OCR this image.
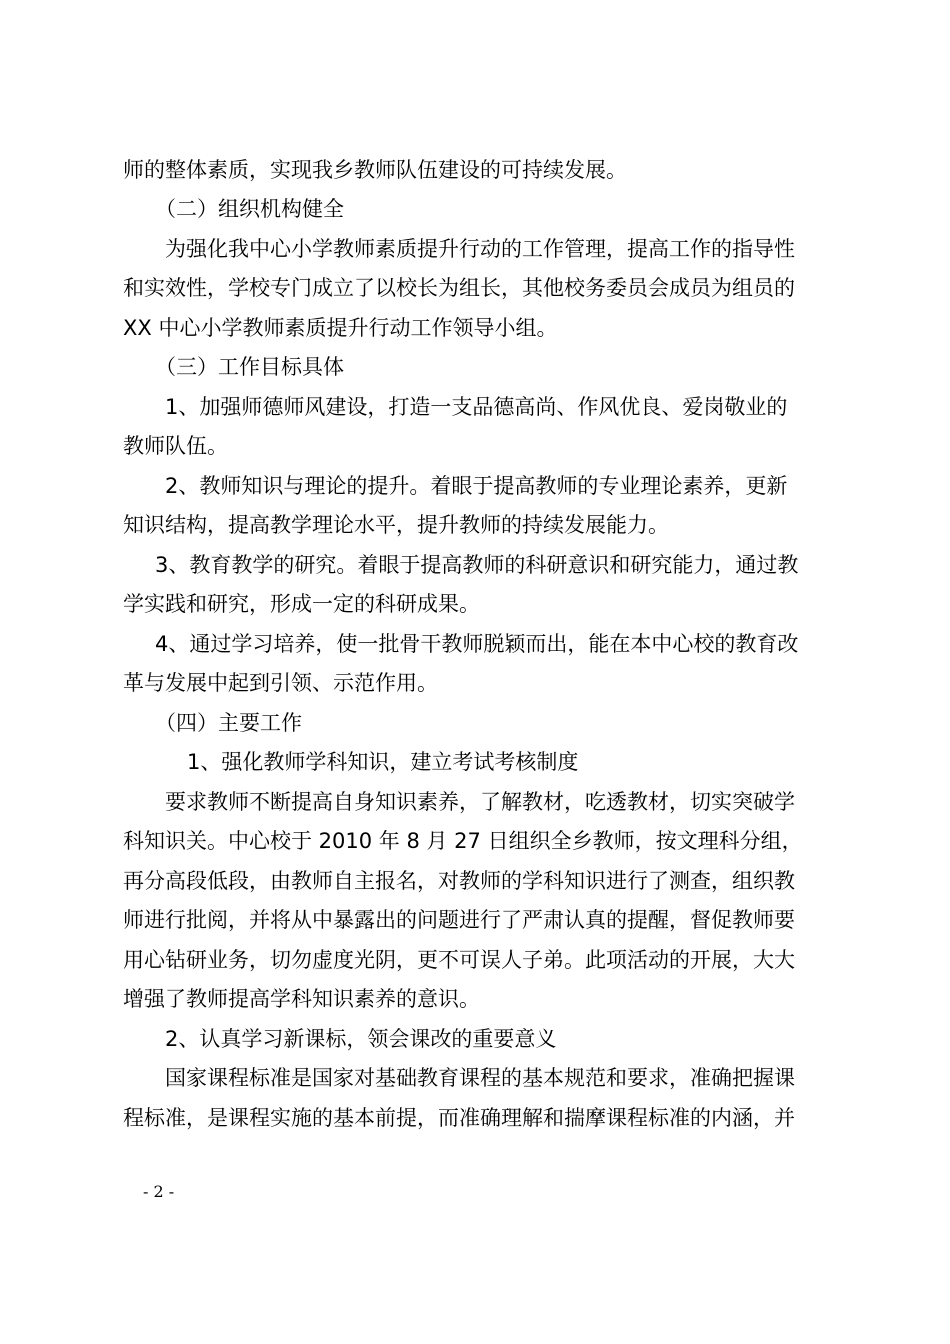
师的整体素质，实现我乡教师队伍建设的可持续发展。
（二）组织机构健全
为强化我中心小学教师素质提升行动的工作管理，提高工作的指导性
和实效性，学校专门成立了以校长为组长，其他校务委员会成员为组员的
XX 中心小学教师素质提升行动工作领导小组。
（三）工作目标具体
1、加强师德师风建设，打造一支品德高尚、作风优良、爱岗敬业的
教师队伍。
2、教师知识与理论的提升。着眼于提高教师的专业理论素养，更新
知识结构，提高教学理论水平，提升教师的持续发展能力。
3、教育教学的研究。着眼于提高教师的科研意识和研究能力，通过教
学实践和研究，形成一定的科研成果。
4、通过学习培养，使一批骨干教师脱颖而出，能在本中心校的教育改
革与发展中起到引领、示范作用。
（四）主要工作
1、强化教师学科知识，建立考试考核制度
要求教师不断提高自身知识素养，了解教材，吃透教材，切实突破学
科知识关。中心校于 2010 年 8 月 27 日组织全乡教师，按文理科分组，
再分高段低段，由教师自主报名，对教师的学科知识进行了测查，组织教
师进行批阅，并将从中暴露出的问题进行了严肃认真的提醒，督促教师要
用心钻研业务，切勿虚度光阴，更不可误人子弟。此项活动的开展，大大
增强了教师提高学科知识素养的意识。
2、认真学习新课标，领会课改的重要意义
国家课程标准是国家对基础教育课程的基本规范和要求，准确把握课
程标准，是课程实施的基本前提，而准确理解和揣摩课程标准的内涵，并
- 2 -
